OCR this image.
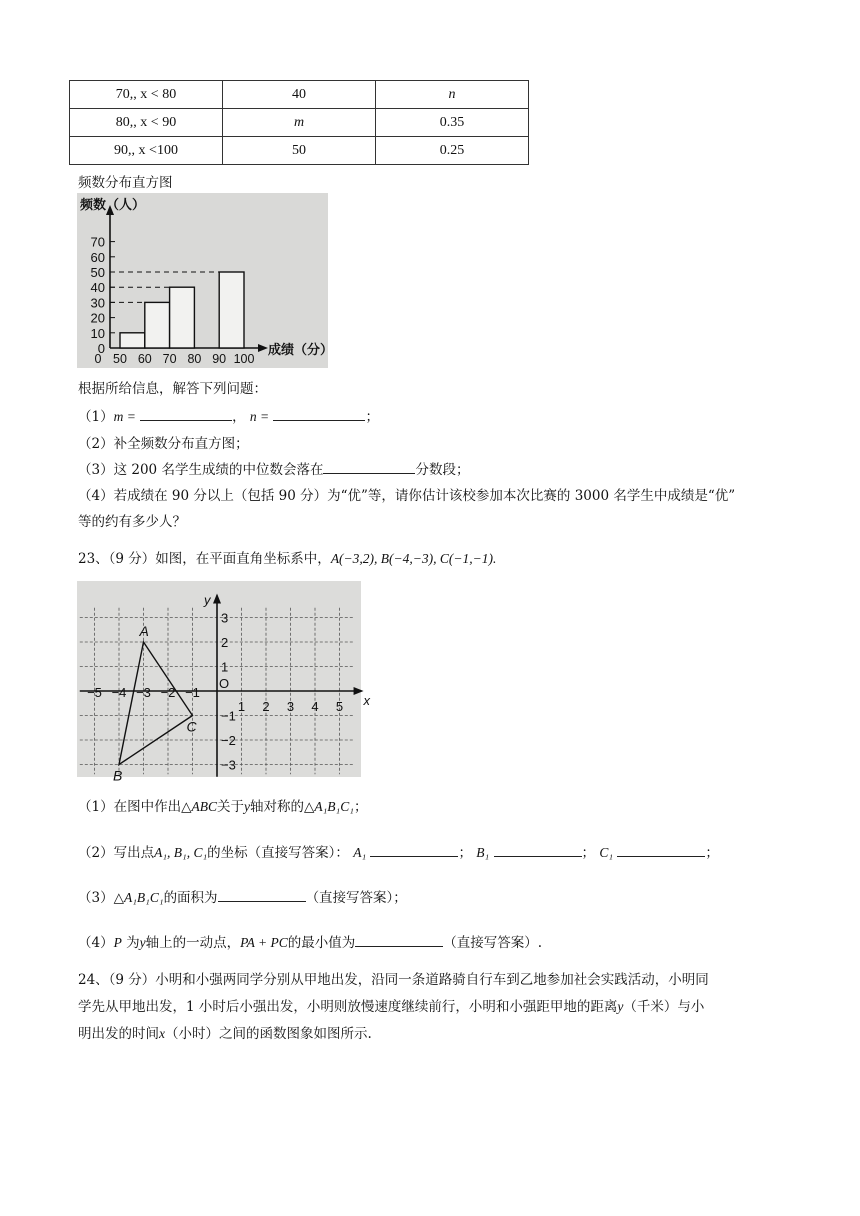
70,, x < 80	40	n
80,, x < 90	m	0.35
90,, x <100	50	0.25
频数分布直方图
0
10
20
30
40
50
60
70
50 60 70 80 90 100
0
频数（人）
成绩（分）
根据所给信息，解答下列问题：
（1）m =	， n =	；
（2）补全频数分布直方图；
（3）这 200 名学生成绩的中位数会落在	分数段；
（4）若成绩在 90 分以上（包括 90 分）为“优”等，请你估计该校参加本次比赛的 3000 名学生中成绩是“优”
等的约有多少人？
23、（9 分）如图，在平面直角坐标系中，A(−3,2), B(−4,−3), C(−1,−1).
−5 −4 −3 −2 −1
1 2 3 4 5
3
2
1
−1
−2
−3
O
x
y
A
B
C
（1）在图中作出△ABC关于y轴对称的△A₁B₁C₁；
（2）写出点A₁, B₁, C₁的坐标（直接写答案）： A₁	； B₁	； C₁	；
（3）△A₁B₁C₁的面积为	（直接写答案）；
（4）P 为y轴上的一动点，PA + PC的最小值为	（直接写答案）.
24、（9 分）小明和小强两同学分别从甲地出发，沿同一条道路骑自行车到乙地参加社会实践活动，小明同
学先从甲地出发，1 小时后小强出发，小明则放慢速度继续前行，小明和小强距甲地的距离y（千米）与小
明出发的时间x（小时）之间的函数图象如图所示.
